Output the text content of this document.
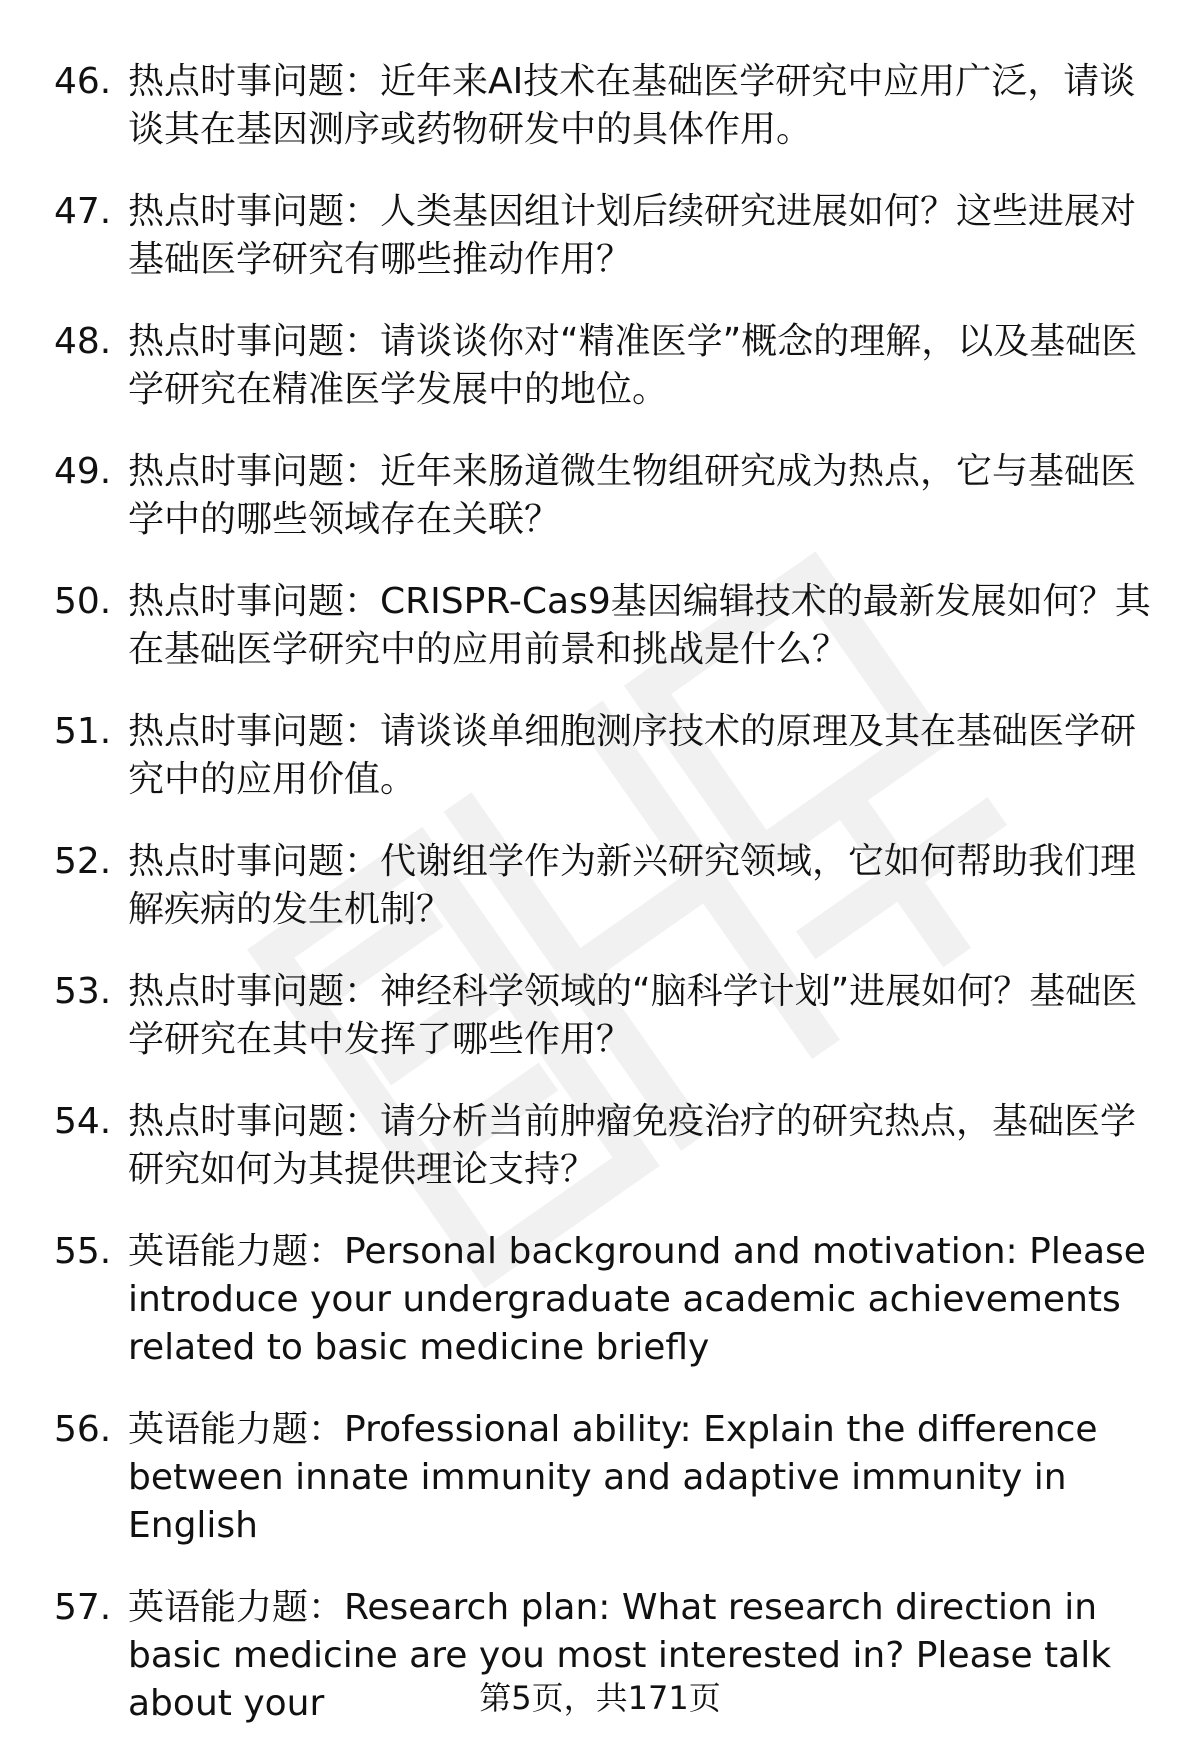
46. 热点时事问题：近年来AI技术在基础医学研究中应用广泛，请谈谈其在基因测序或药物研发中的具体作用。
47. 热点时事问题：人类基因组计划后续研究进展如何？这些进展对基础医学研究有哪些推动作用？
48. 热点时事问题：请谈谈你对“精准医学”概念的理解，以及基础医学研究在精准医学发展中的地位。
49. 热点时事问题：近年来肠道微生物组研究成为热点，它与基础医学中的哪些领域存在关联？
50. 热点时事问题：CRISPR-Cas9基因编辑技术的最新发展如何？其在基础医学研究中的应用前景和挑战是什么？
51. 热点时事问题：请谈谈单细胞测序技术的原理及其在基础医学研究中的应用价值。
52. 热点时事问题：代谢组学作为新兴研究领域，它如何帮助我们理解疾病的发生机制？
53. 热点时事问题：神经科学领域的“脑科学计划”进展如何？基础医学研究在其中发挥了哪些作用？
54. 热点时事问题：请分析当前肿瘤免疫治疗的研究热点，基础医学研究如何为其提供理论支持？
55. 英语能力题：Personal background and motivation: Please introduce your undergraduate academic achievements related to basic medicine briefly
56. 英语能力题：Professional ability: Explain the difference between innate immunity and adaptive immunity in English
57. 英语能力题：Research plan: What research direction in basic medicine are you most interested in? Please talk about your	第5页，共171页
